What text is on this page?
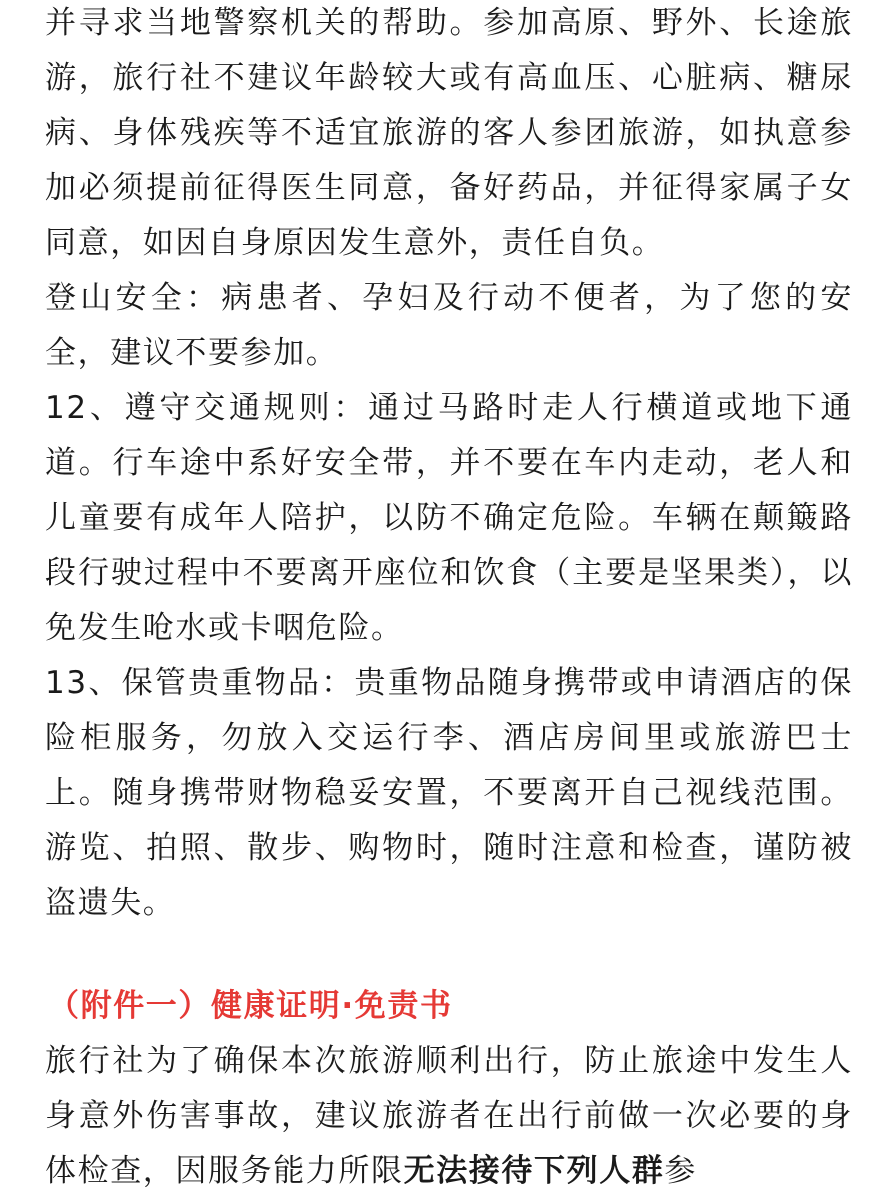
并寻求当地警察机关的帮助。参加高原、野外、长途旅游，旅行社不建议年龄较大或有高血压、心脏病、糖尿病、身体残疾等不适宜旅游的客人参团旅游，如执意参加必须提前征得医生同意，备好药品，并征得家属子女同意，如因自身原因发生意外，责任自负。

登山安全：病患者、孕妇及行动不便者，为了您的安全，建议不要参加。

12、遵守交通规则：通过马路时走人行横道或地下通道。行车途中系好安全带，并不要在车内走动，老人和儿童要有成年人陪护，以防不确定危险。车辆在颠簸路段行驶过程中不要离开座位和饮食（主要是坚果类），以免发生呛水或卡咽危险。

13、保管贵重物品：贵重物品随身携带或申请酒店的保险柜服务，勿放入交运行李、酒店房间里或旅游巴士上。随身携带财物稳妥安置，不要离开自己视线范围。游览、拍照、散步、购物时，随时注意和检查，谨防被盗遗失。

（附件一）健康证明·免责书

旅行社为了确保本次旅游顺利出行，防止旅途中发生人身意外伤害事故，建议旅游者在出行前做一次必要的身体检查，因服务能力所限无法接待下列人群参
